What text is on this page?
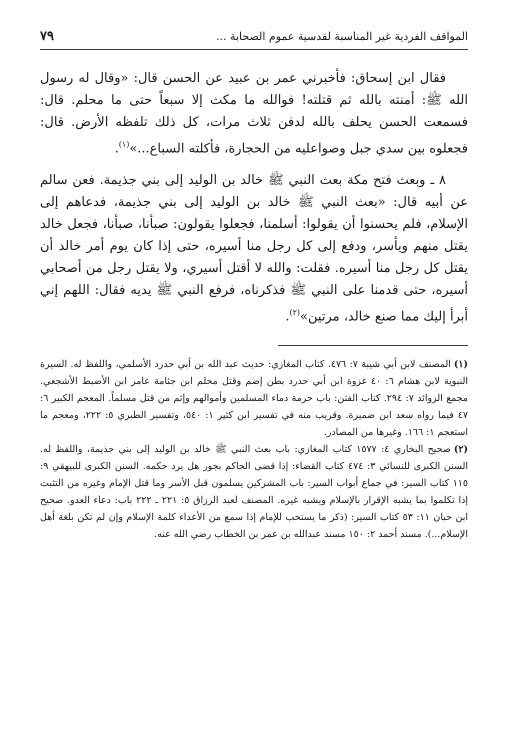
المواقف الفردية غير المناسبة لقدسية عموم الصحابة ...
٧٩

فقال ابن إسحاق: فأخبرني عمر بن عبيد عن الحسن قال: «وقال له رسول الله ﷺ: أمنته بالله ثم قتلته! فوالله ما مكث إلا سبعاً حتى ما محلم. قال: فسمعت الحسن يحلف بالله لدفن ثلاث مرات، كل ذلك تلفظه الأرض. قال: فجعلوه بين سدي جبل وصواعليه من الحجارة، فأكلته السباع...»$^{(١)}$.

٨ ـ وبعث فتح مكة بعث النبي ﷺ خالد بن الوليد إلى بني جذيمة. فعن سالم عن أبيه قال: «بعث النبي ﷺ خالد بن الوليد إلى بني جذيمة، فدعاهم إلى الإسلام، فلم يحسنوا أن يقولوا: أسلمنا، فجعلوا يقولون: صبأنا، صبأنا، فجعل خالد يقتل منهم ويأسر، ودفع إلى كل رجل منا أسيره، حتى إذا كان يوم أمر خالد أن يقتل كل رجل منا أسيره. فقلت: والله لا أقتل أسيري، ولا يقتل رجل من أصحابي أسيره، حتى قدمنا على النبي ﷺ فذكرناه، فرفع النبي ﷺ يديه فقال: اللهم إني أبرأ إليك مما صنع خالد، مرتين»$^{(٢)}$.

(١)المصنف لابن أبي شيبة ٧: ٤٧٦. كتاب المغازي: حديث عبد الله بن أبي حدرد الأسلمي، واللفظ له. السيرة النبوية لابن هشام ٦: ٤٠ غزوة ابن أبي حدرد بطن إضم وقتل محلم ابن جثامة عامر ابن الأضبط الأشجعي. مجمع الزوائد ٧: ٢٩٤. كتاب الفتن: باب حرمة دماء المسلمين وأموالهم وإثم من قتل مسلماً. المعجم الكبير ٦: ٤٧ فيما رواه سعد ابن ضميرة. وقريب منه في تفسير ابن كثير ١: ٥٤٠، وتفسير الطبري ٥: ٢٢٢، ومعجم ما استعجم ١: ١٦٦. وغيرها من المصادر.

(٢)صحيح البخاري ٤: ١٥٧٧ كتاب المغازي: باب بعث النبي ﷺ خالد بن الوليد إلى بني جذيمة، واللفظ له. السنن الكبرى للنسائي ٣: ٤٧٤ كتاب القضاء: إذا قضى الحاكم بجور هل يرد حكمه. السنن الكبرى للبيهقي ٩: ١١٥ كتاب السير: في جماع أبواب السير: باب المشركين يسلمون قبل الأسر وما قتل الإمام وغيره من التثبت إذا تكلموا بما يشبه الإقرار بالإسلام ويشبه غيره. المصنف لعبد الرزاق ٥: ٢٢١ ـ ٢٢٢ باب: دعاء العدو. صحيح ابن حبان ١١: ٥٣ كتاب السير: (ذكر ما يستحب للإمام إذا سمع من الأعداء كلمة الإسلام وإن لم تكن بلغة أهل الإسلام...). مسند أحمد ٢: ١٥٠ مسند عبدالله بن عمر بن الخطاب رضي الله عنه.
